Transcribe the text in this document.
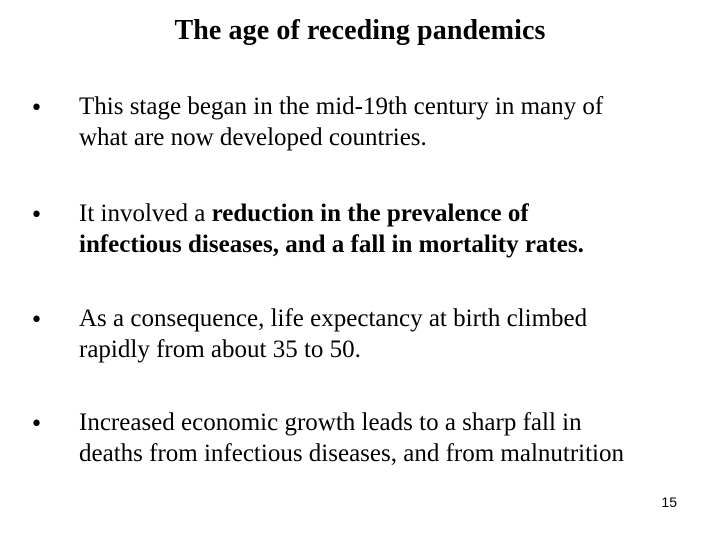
The age of receding pandemics
• This stage began in the mid‑19th century in many of
what are now developed countries.
• It involved a reduction in the prevalence of
infectious diseases, and a fall in mortality rates.
• As a consequence, life expectancy at birth climbed
rapidly from about 35 to 50.
• Increased economic growth leads to a sharp fall in
deaths from infectious diseases, and from malnutrition
15
